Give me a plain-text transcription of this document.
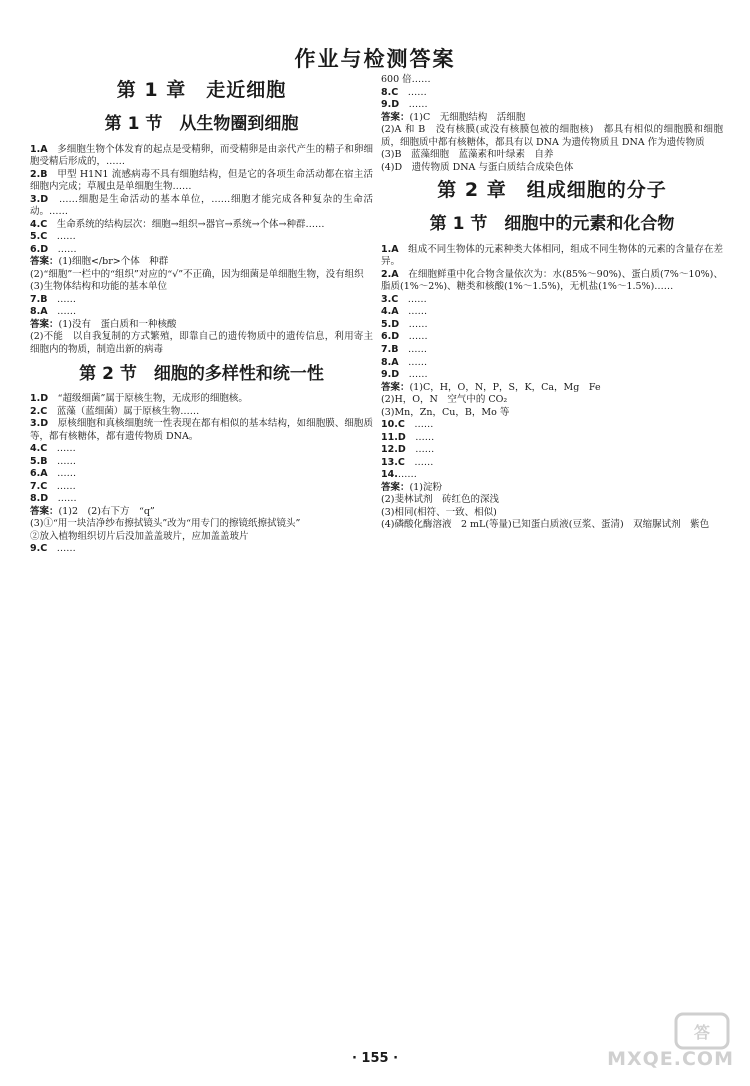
作业与检测答案
第 1 章　走近细胞
第 1 节　从生物圈到细胞

1.A　多细胞生物个体发育的起点是受精卵，而受精卵是由亲代产生的精子和卵细胞受精后形成的，……

2.B　甲型 H1N1 流感病毒不具有细胞结构，但是它的各项生命活动都在宿主活细胞内完成；草履虫是单细胞生物……

3.D　……细胞是生命活动的基本单位，……细胞才能完成各种复杂的生命活动。……

4.C　生命系统的结构层次：细胞→组织→器官→系统→个体→种群……

5.C　……

6.D　……

答案：(1)细胞</br>个体　种群

(2)“细胞”一栏中的“组织”对应的“√”不正确，因为细菌是单细胞生物，没有组织

(3)生物体结构和功能的基本单位

7.B　……

8.A　……

答案：(1)没有　蛋白质和一种核酸

(2)不能　以自我复制的方式繁殖，即靠自己的遗传物质中的遗传信息，利用寄主细胞内的物质，制造出新的病毒

第 2 节　细胞的多样性和统一性

1.D　“超级细菌”属于原核生物，无成形的细胞核。

2.C　蓝藻（蓝细菌）属于原核生物……

3.D　原核细胞和真核细胞统一性表现在都有相似的基本结构，如细胞膜、细胞质等，都有核糖体，都有遗传物质 DNA。

4.C　……

5.B　……

6.A　……

7.C　……

8.D　……

答案：(1)2　(2)右下方　“q”

(3)①“用一块洁净纱布擦拭镜头”改为“用专门的擦镜纸擦拭镜头”

②放入植物组织切片后没加盖盖玻片，应加盖盖玻片

9.C　……

600 倍……

8.C　……

9.D　……

答案：(1)C　无细胞结构　活细胞

(2)A 和 B　没有核膜(或没有核膜包被的细胞核)　都具有相似的细胞膜和细胞质，细胞质中都有核糖体，都具有以 DNA 为遗传物质且 DNA 作为遗传物质

(3)B　蓝藻细胞　蓝藻素和叶绿素　自养

(4)D　遗传物质 DNA 与蛋白质结合成染色体

第 2 章　组成细胞的分子
第 1 节　细胞中的元素和化合物

1.A　组成不同生物体的元素种类大体相同，组成不同生物体的元素的含量存在差异。

2.A　在细胞鲜重中化合物含量依次为：水(85%～90%)、蛋白质(7%～10%)、脂质(1%～2%)、糖类和核酸(1%～1.5%)，无机盐(1%～1.5%)……

3.C　……

4.A　……

5.D　……

6.D　……

7.B　……

8.A　……

9.D　……

答案：(1)C，H，O，N，P，S，K，Ca，Mg　Fe

(2)H，O，N　空气中的 CO₂

(3)Mn，Zn，Cu，B，Mo 等

10.C　……

11.D　……

12.D　……

13.C　……

14.……

答案：(1)淀粉

(2)斐林试剂　砖红色的深浅

(3)相同(相符、一致、相似)

(4)磷酸化酶溶液　2 mL(等量)已知蛋白质液(豆浆、蛋清)　双缩脲试剂　紫色

答
MXQE.COM
· 155 ·
